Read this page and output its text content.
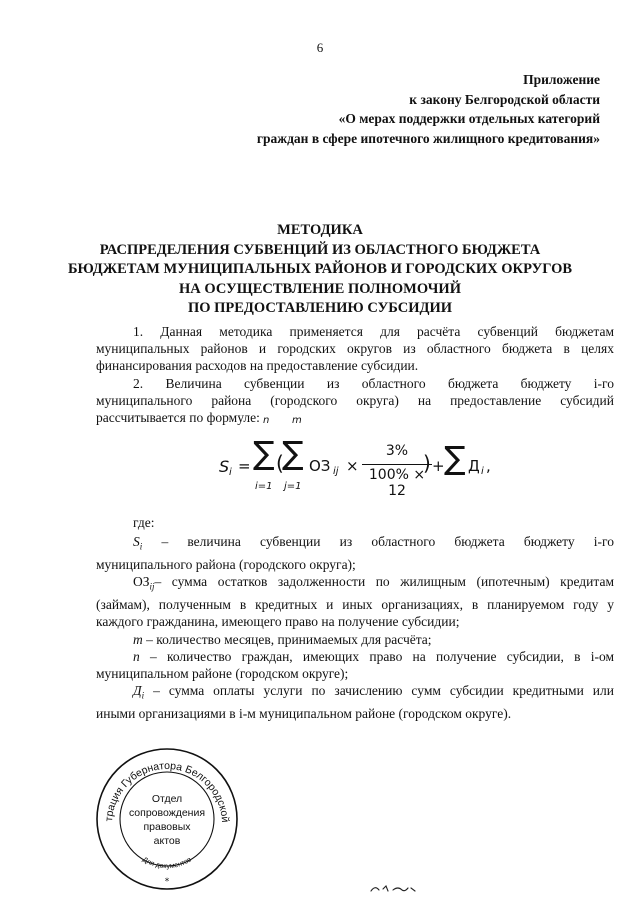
6
Приложение
к закону Белгородской области
«О мерах поддержки отдельных категорий
граждан в сфере ипотечного жилищного кредитования»
МЕТОДИКА
РАСПРЕДЕЛЕНИЯ СУБВЕНЦИЙ ИЗ ОБЛАСТНОГО БЮДЖЕТА
БЮДЖЕТАМ МУНИЦИПАЛЬНЫХ РАЙОНОВ И ГОРОДСКИХ ОКРУГОВ
НА ОСУЩЕСТВЛЕНИЕ ПОЛНОМОЧИЙ
ПО ПРЕДОСТАВЛЕНИЮ СУБСИДИИ

1. Данная методика применяется для расчёта субвенций бюджетам

муниципальных районов и городских округов из областного бюджета в целях

финансирования расходов на предоставление субсидии.

2. Величина субвенции из областного бюджета бюджету i-го

муниципального района (городского округа) на предоставление субсидий

рассчитывается по формуле:

S i =
n
∑
i=1
(
m
∑
j=1
ОЗ ij ×
3%
100% × 12
) + ∑ Д i ,

где:

$S_i$ – величина субвенции из областного бюджета бюджету i-го

муниципального района (городского округа);

$ОЗ_{ij}-$ сумма остатков задолженности по жилищным (ипотечным) кредитам

(займам), полученным в кредитных и иных организациях, в планируемом году у

каждого гражданина, имеющего право на получение субсидии;

m – количество месяцев, принимаемых для расчёта;

n – количество граждан, имеющих право на получение субсидии, в i-ом

муниципальном районе (городском округе);

$Д_i$ – сумма оплаты услуги по зачислению сумм субсидии кредитными или

иными организациями в i-м муниципальном районе (городском округе).

трация Губернатора Белгородской
Для документов
*
Отдел
сопровождения
правовых
актов
